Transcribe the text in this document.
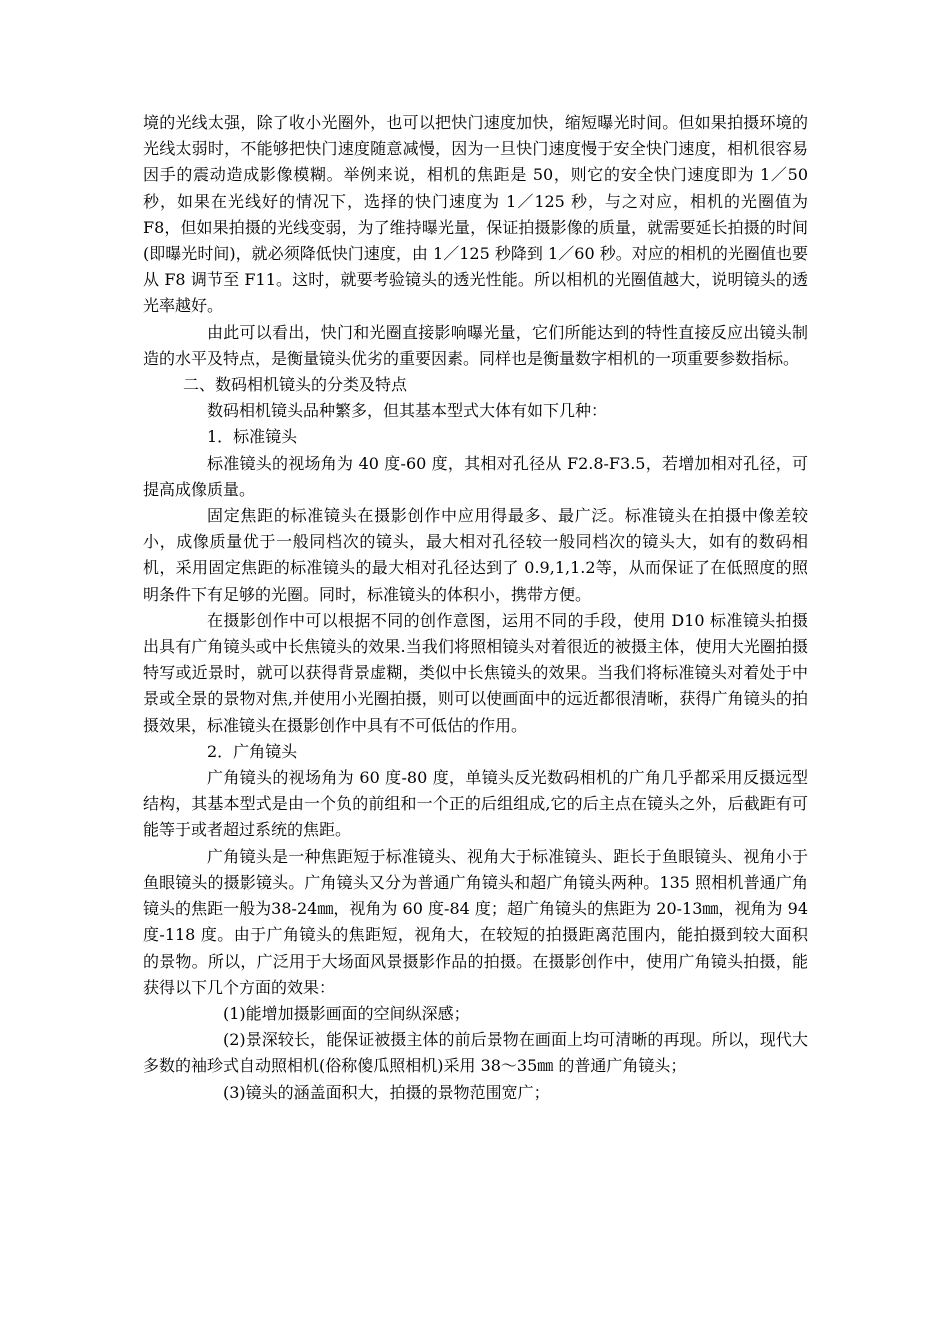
境的光线太强，除了收小光圈外，也可以把快门速度加快，缩短曝光时间。但如果拍摄环境的光线太弱时，不能够把快门速度随意减慢，因为一旦快门速度慢于安全快门速度，相机很容易因手的震动造成影像模糊。举例来说，相机的焦距是 50，则它的安全快门速度即为 1／50 秒，如果在光线好的情况下，选择的快门速度为 1／125 秒，与之对应，相机的光圈值为 F8，但如果拍摄的光线变弱，为了维持曝光量，保证拍摄影像的质量，就需要延长拍摄的时间(即曝光时间)，就必须降低快门速度，由 1／125 秒降到 1／60 秒。对应的相机的光圈值也要从 F8 调节至 F11。这时，就要考验镜头的透光性能。所以相机的光圈值越大，说明镜头的透光率越好。

由此可以看出，快门和光圈直接影响曝光量，它们所能达到的特性直接反应出镜头制造的水平及特点，是衡量镜头优劣的重要因素。同样也是衡量数字相机的一项重要参数指标。

二、数码相机镜头的分类及特点

数码相机镜头品种繁多，但其基本型式大体有如下几种：

1．标准镜头

标准镜头的视场角为 40 度-60 度，其相对孔径从 F2.8-F3.5，若增加相对孔径，可提高成像质量。

固定焦距的标准镜头在摄影创作中应用得最多、最广泛。标准镜头在拍摄中像差较小，成像质量优于一般同档次的镜头，最大相对孔径较一般同档次的镜头大，如有的数码相机，采用固定焦距的标准镜头的最大相对孔径达到了 0.9,1,1.2等，从而保证了在低照度的照明条件下有足够的光圈。同时，标准镜头的体积小，携带方便。

在摄影创作中可以根据不同的创作意图，运用不同的手段，使用 D10 标准镜头拍摄出具有广角镜头或中长焦镜头的效果.当我们将照相镜头对着很近的被摄主体，使用大光圈拍摄特写或近景时，就可以获得背景虚糊，类似中长焦镜头的效果。当我们将标准镜头对着处于中景或全景的景物对焦,并使用小光圈拍摄，则可以使画面中的远近都很清晰，获得广角镜头的拍摄效果，标准镜头在摄影创作中具有不可低估的作用。

2．广角镜头

广角镜头的视场角为 60 度-80 度，单镜头反光数码相机的广角几乎都采用反摄远型结构，其基本型式是由一个负的前组和一个正的后组组成,它的后主点在镜头之外，后截距有可能等于或者超过系统的焦距。

广角镜头是一种焦距短于标准镜头、视角大于标准镜头、距长于鱼眼镜头、视角小于鱼眼镜头的摄影镜头。广角镜头又分为普通广角镜头和超广角镜头两种。135 照相机普通广角镜头的焦距一般为38-24㎜，视角为 60 度-84 度；超广角镜头的焦距为 20-13㎜，视角为 94 度-118 度。由于广角镜头的焦距短，视角大，在较短的拍摄距离范围内，能拍摄到较大面积的景物。所以，广泛用于大场面风景摄影作品的拍摄。在摄影创作中，使用广角镜头拍摄，能获得以下几个方面的效果：

(1)能增加摄影画面的空间纵深感；

(2)景深较长，能保证被摄主体的前后景物在画面上均可清晰的再现。所以，现代大多数的袖珍式自动照相机(俗称傻瓜照相机)采用 38～35㎜ 的普通广角镜头；

(3)镜头的涵盖面积大，拍摄的景物范围宽广；
